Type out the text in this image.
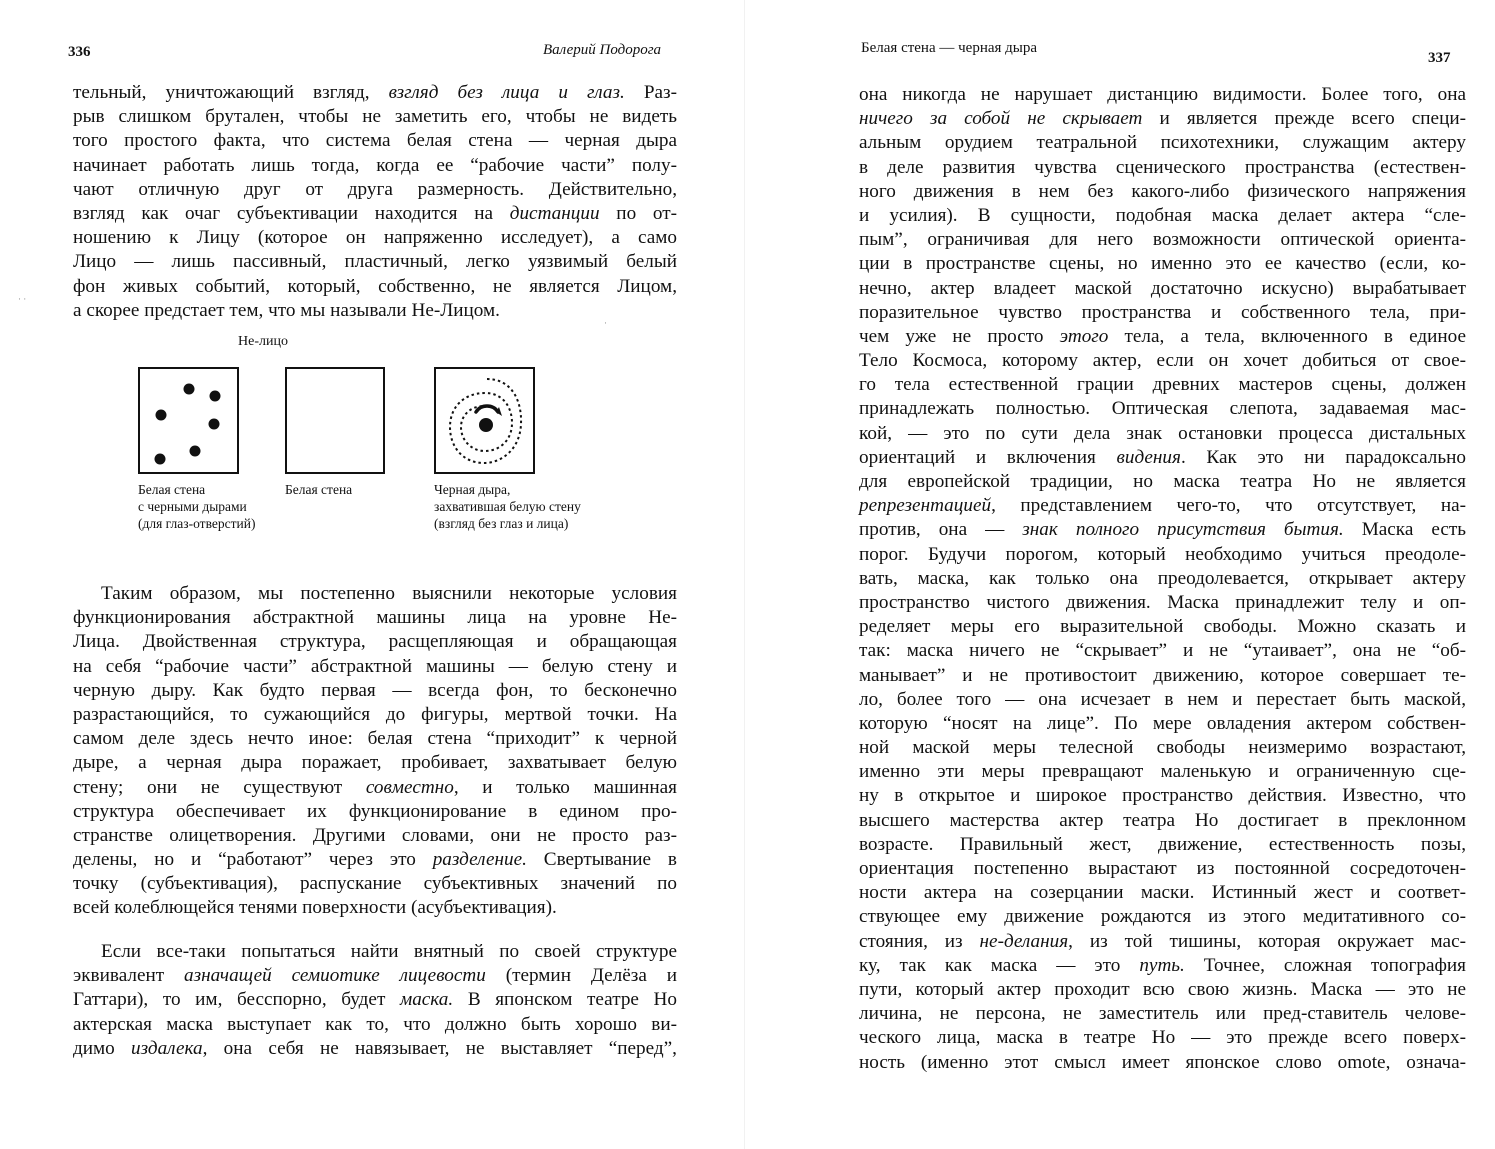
336	Валерий Подорога
тельный, уничтожающий взгляд, взгляд без лица и глаз. Раз-
рыв слишком брутален, чтобы не заметить его, чтобы не видеть
того простого факта, что система белая стена — черная дыра
начинает работать лишь тогда, когда ее “рабочие части” полу-
чают отличную друг от друга размерность. Действительно,
взгляд как очаг субъективации находится на дистанции по от-
ношению к Лицу (которое он напряженно исследует), а само
Лицо — лишь пассивный, пластичный, легко уязвимый белый
фон живых событий, который, собственно, не является Лицом,
а скорее предстает тем, что мы называли Не-Лицом.
· ·
·
Не-лицо
Белая стена
с черными дырами
(для глаз-отверстий)
Белая стена	Черная дыра,
захватившая белую стену
(взгляд без глаз и лица)
Таким образом, мы постепенно выяснили некоторые условия
функционирования абстрактной машины лица на уровне Не-
Лица. Двойственная структура, расщепляющая и обращающая
на себя “рабочие части” абстрактной машины — белую стену и
черную дыру. Как будто первая — всегда фон, то бесконечно
разрастающийся, то сужающийся до фигуры, мертвой точки. На
самом деле здесь нечто иное: белая стена “приходит” к черной
дыре, а черная дыра поражает, пробивает, захватывает белую
стену; они не существуют совместно, и только машинная
структура обеспечивает их функционирование в едином про-
странстве олицетворения. Другими словами, они не просто раз-
делены, но и “работают” через это разделение. Свертывание в
точку (субъективация), распускание субъективных значений по
всей колеблющейся тенями поверхности (асубъективация).
Если все-таки попытаться найти внятный по своей структуре
эквивалент азначащей семиотике лицевости (термин Делёза и
Гаттари), то им, бесспорно, будет маска. В японском театре Но
актерская маска выступает как то, что должно быть хорошо ви-
димо издалека, она себя не навязывает, не выставляет “перед”,
Белая стена — черная дыра
337
она никогда не нарушает дистанцию видимости. Более того, она
ничего за собой не скрывает и является прежде всего специ-
альным орудием театральной психотехники, служащим актеру
в деле развития чувства сценического пространства (естествен-
ного движения в нем без какого-либо физического напряжения
и усилия). В сущности, подобная маска делает актера “сле-
пым”, ограничивая для него возможности оптической ориента-
ции в пространстве сцены, но именно это ее качество (если, ко-
нечно, актер владеет маской достаточно искусно) вырабатывает
поразительное чувство пространства и собственного тела, при-
чем уже не просто этого тела, а тела, включенного в единое
Тело Космоса, которому актер, если он хочет добиться от свое-
го тела естественной грации древних мастеров сцены, должен
принадлежать полностью. Оптическая слепота, задаваемая мас-
кой, — это по сути дела знак остановки процесса дистальных
ориентаций и включения видения. Как это ни парадоксально
для европейской традиции, но маска театра Но не является
репрезентацией, представлением чего-то, что отсутствует, на-
против, она — знак полного присутствия бытия. Маска есть
порог. Будучи порогом, который необходимо учиться преодоле-
вать, маска, как только она преодолевается, открывает актеру
пространство чистого движения. Маска принадлежит телу и оп-
ределяет меры его выразительной свободы. Можно сказать и
так: маска ничего не “скрывает” и не “утаивает”, она не “об-
манывает” и не противостоит движению, которое совершает те-
ло, более того — она исчезает в нем и перестает быть маской,
которую “носят на лице”. По мере овладения актером собствен-
ной маской меры телесной свободы неизмеримо возрастают,
именно эти меры превращают маленькую и ограниченную сце-
ну в открытое и широкое пространство действия. Известно, что
высшего мастерства актер театра Но достигает в преклонном
возрасте. Правильный жест, движение, естественность позы,
ориентация постепенно вырастают из постоянной сосредоточен-
ности актера на созерцании маски. Истинный жест и соответ-
ствующее ему движение рождаются из этого медитативного со-
стояния, из не-делания, из той тишины, которая окружает мас-
ку, так как маска — это путь. Точнее, сложная топография
пути, который актер проходит всю свою жизнь. Маска — это не
личина, не персона, не заместитель или пред-ставитель челове-
ческого лица, маска в театре Но — это прежде всего поверх-
ность (именно этот смысл имеет японское слово omote, означа-
